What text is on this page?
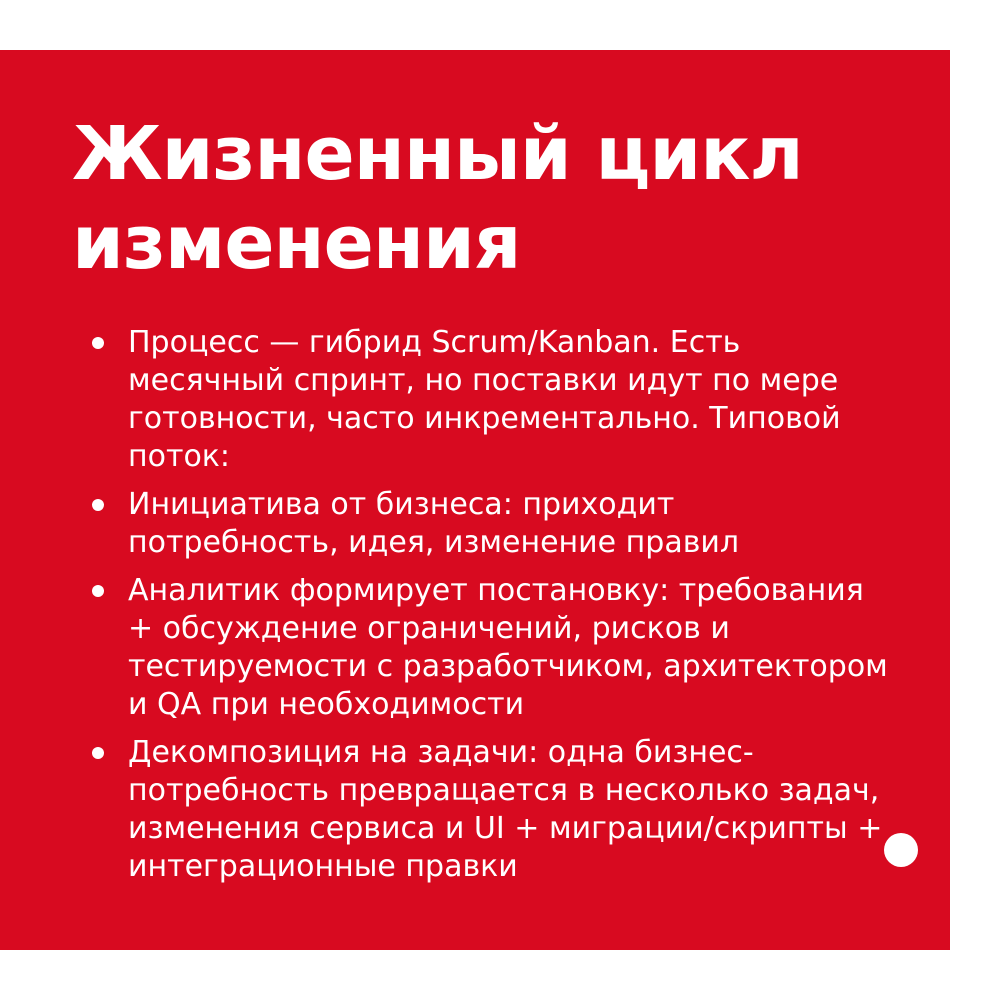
Жизненный цикл
изменения
Процесс — гибрид Scrum/Kanban. Есть месячный спринт, но поставки идут по мере готовности, часто инкрементально. Типовой поток:
Инициатива от бизнеса: приходит потребность, идея, изменение правил
Аналитик формирует постановку: требования + обсуждение ограничений, рисков и тестируемости с разработчиком, архитектором и QA при необходимости
Декомпозиция на задачи: одна бизнес-потребность превращается в несколько задач, изменения сервиса и UI + миграции/скрипты + интеграционные правки
